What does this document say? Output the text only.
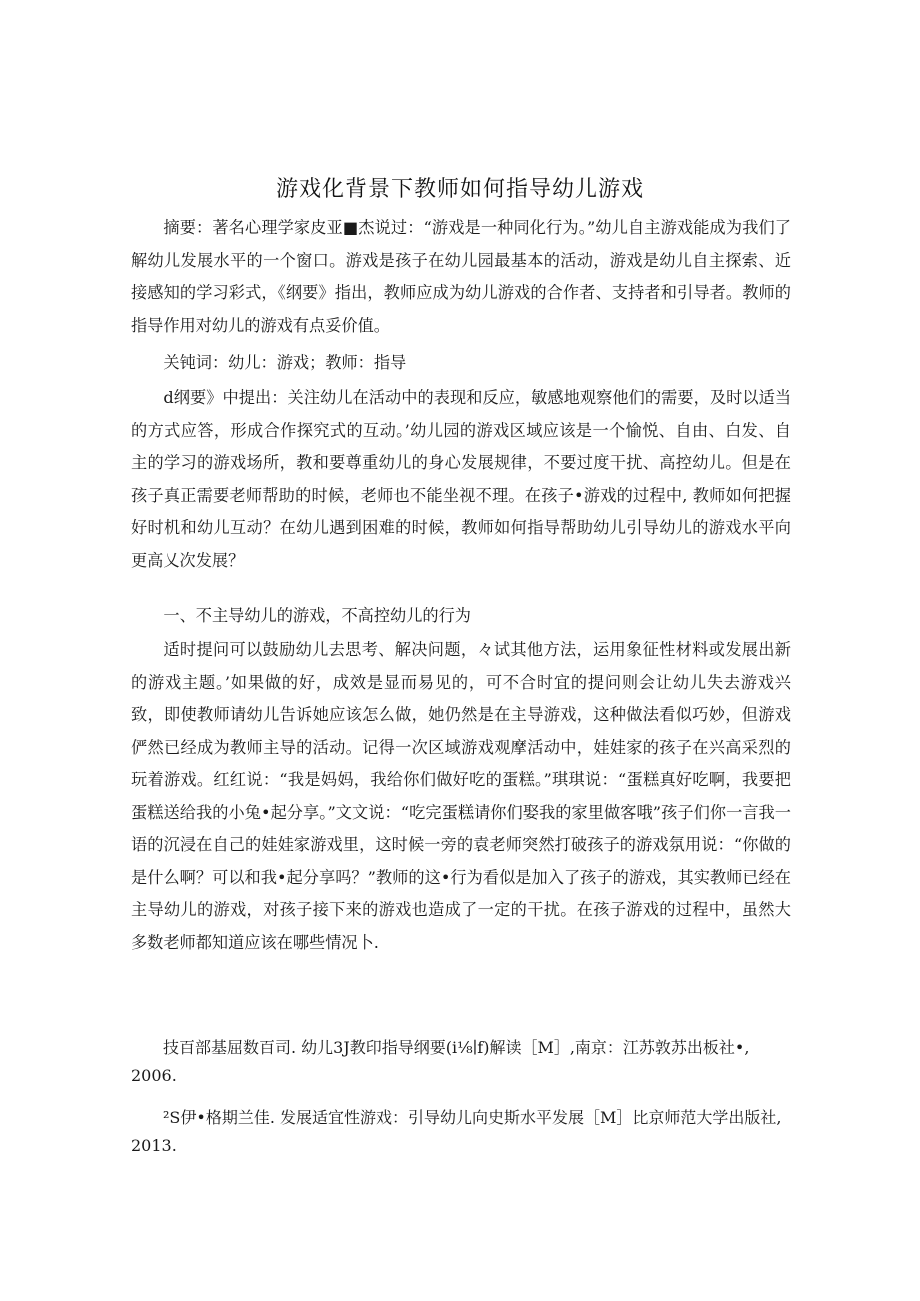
游戏化背景下教师如何指导幼儿游戏

摘要：著名心理学家皮亚■杰说过：“游戏是一种同化行为。”幼儿自主游戏能成为我们了解幼儿发展水平的一个窗口。游戏是孩子在幼儿园最基本的活动，游戏是幼儿自主探索、近接感知的学习彩式，《纲要》指出，教师应成为幼儿游戏的合作者、支持者和引导者。教师的指导作用对幼儿的游戏有点妥价值。

关钝词：幼儿：游戏；教师：指导

d纲要》中提出：关注幼儿在活动中的表现和反应，敏感地观察他们的需要，及时以适当的方式应答，形成合作探究式的互动。’幼儿园的游戏区域应该是一个愉悦、自由、白发、自主的学习的游戏场所，教和要尊重幼儿的身心发展规律，不要过度干扰、高控幼儿。但是在孩子真正需要老师帮助的时候，老师也不能坐视不理。在孩子•游戏的过程中, 教师如何把握好时机和幼儿互动？在幼儿遇到困难的时候，教师如何指导帮助幼儿引导幼儿的游戏水平向更高乂次发展？

一、不主导幼儿的游戏，不高控幼儿的行为

适时提问可以鼓励幼儿去思考、解决问题，々试其他方法，运用象征性材料或发展出新的游戏主题。’如果做的好，成效是显而易见的，可不合时宜的提问则会让幼儿失去游戏兴致，即使教师请幼儿告诉她应该怎么做，她仍然是在主导游戏，这种做法看似巧妙，但游戏俨然已经成为教师主导的活动。记得一次区域游戏观摩活动中，娃娃家的孩子在兴高采烈的玩着游戏。红红说：“我是妈妈，我给你们做好吃的蛋糕。”琪琪说：“蛋糕真好吃啊，我要把蛋糕送给我的小兔•起分享。”文文说：“吃完蛋糕请你们娶我的家里做客哦”孩子们你一言我一语的沉浸在自己的娃娃家游戏里，这时候一旁的袁老师突然打破孩子的游戏氛用说：“你做的是什么啊？可以和我•起分享吗？”教师的这•行为看似是加入了孩子的游戏，其实教师已经在主导幼儿的游戏，对孩子接下来的游戏也造成了一定的干扰。在孩子游戏的过程中，虽然大多数老师都知道应该在哪些情况卜.

技百部基屈数百司. 幼儿3J教印指导纲要(i⅛∣f)解读［M］,南京：江苏敦苏出板社•, 2006.

²S伊•格期兰佳. 发展适宜性游戏：引导幼儿向史斯水平发展［M］比京师范大学出版社, 2013.
